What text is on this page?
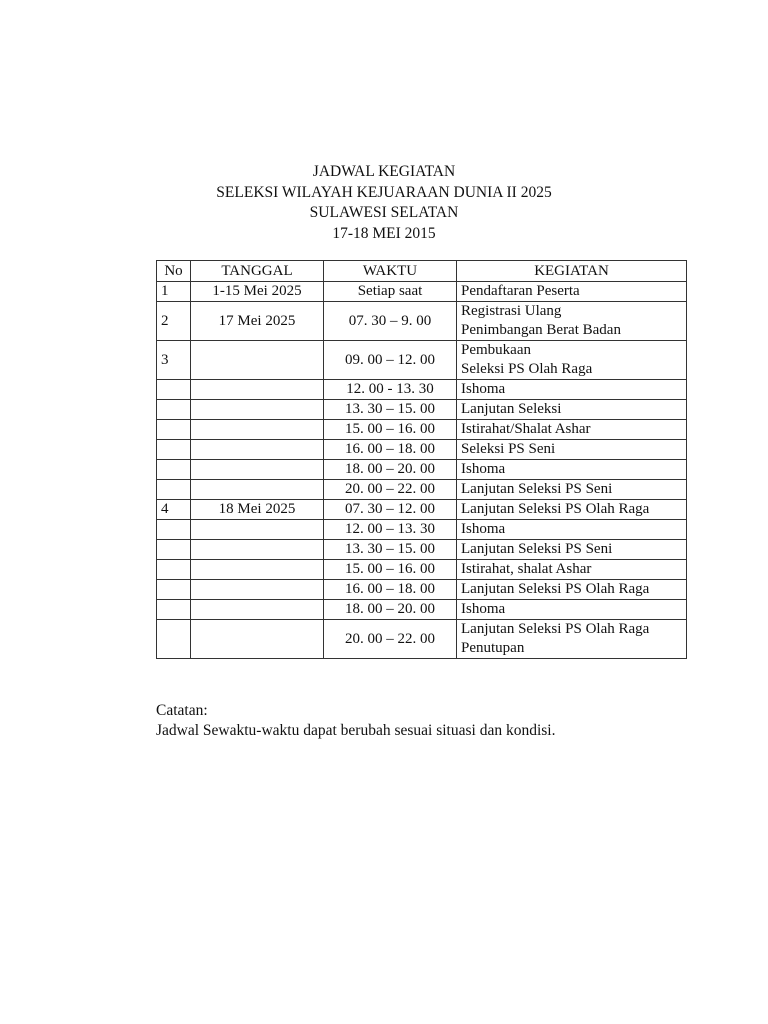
JADWAL KEGIATAN
SELEKSI WILAYAH KEJUARAAN DUNIA II 2025
SULAWESI SELATAN
17-18 MEI 2015
No	TANGGAL	WAKTU	KEGIATAN
1	1-15 Mei 2025	Setiap saat	Pendaftaran Peserta

2	17 Mei 2025	07. 30 – 9. 00	Registrasi Ulang
Penimbangan Berat Badan

3		09. 00 – 12. 00	Pembukaan
Seleksi PS Olah Raga

		12. 00 - 13. 30	Ishoma

		13. 30 – 15. 00	Lanjutan Seleksi

		15. 00 – 16. 00	Istirahat/Shalat Ashar

		16. 00 – 18. 00	Seleksi PS Seni

		18. 00 – 20. 00	Ishoma

		20. 00 – 22. 00	Lanjutan Seleksi PS Seni

4	18 Mei 2025	07. 30 – 12. 00	Lanjutan Seleksi PS Olah Raga

		12. 00 – 13. 30	Ishoma

		13. 30 – 15. 00	Lanjutan Seleksi PS Seni

		15. 00 – 16. 00	Istirahat, shalat Ashar

		16. 00 – 18. 00	Lanjutan Seleksi PS Olah Raga

		18. 00 – 20. 00	Ishoma

		20. 00 – 22. 00	Lanjutan Seleksi PS Olah Raga
Penutupan
Catatan:
Jadwal Sewaktu-waktu dapat berubah sesuai situasi dan kondisi.
